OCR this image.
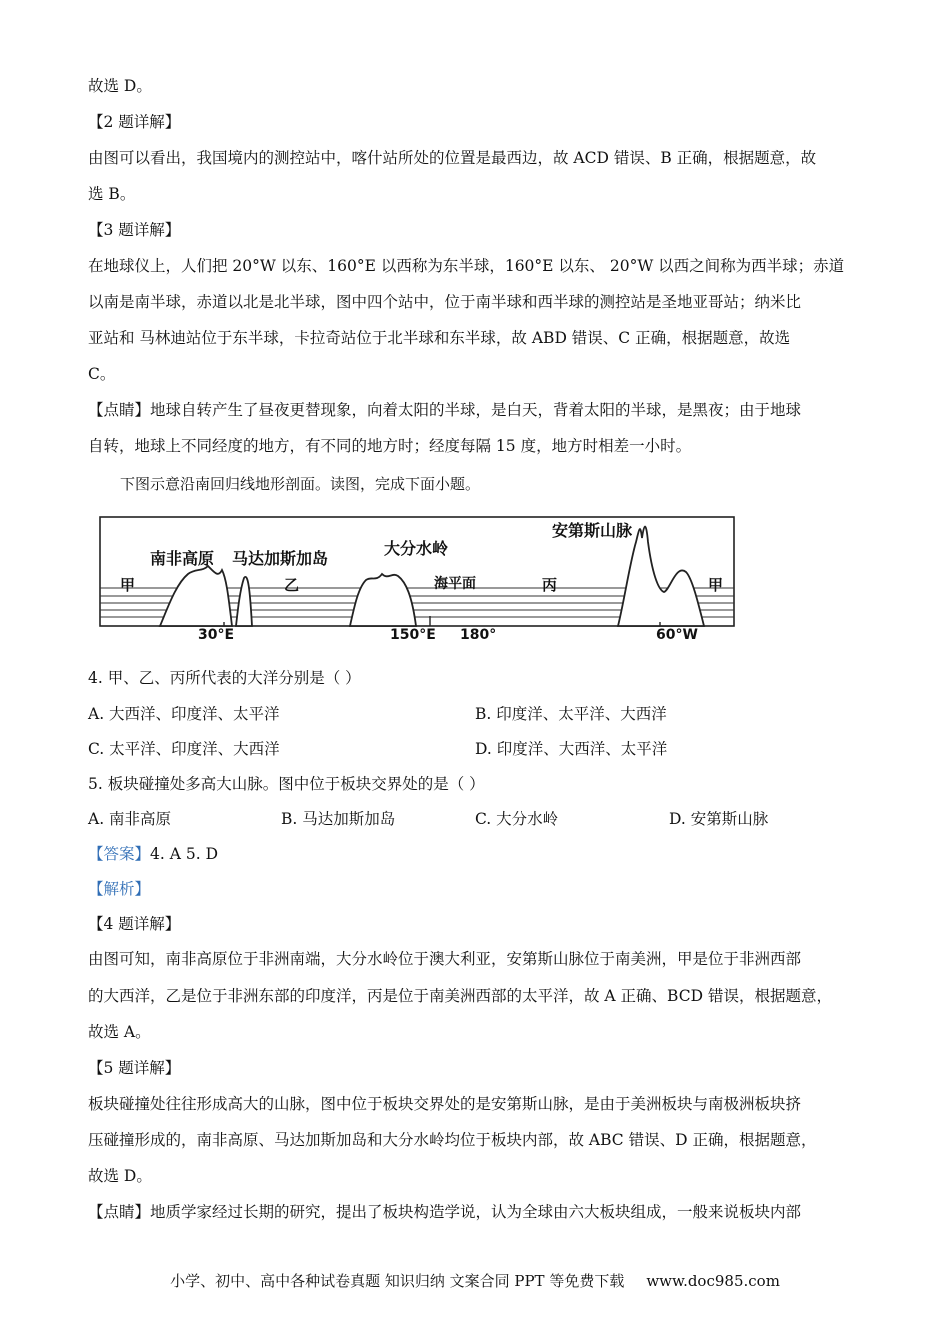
故选 D。
【2 题详解】
由图可以看出，我国境内的测控站中，喀什站所处的位置是最西边，故 ACD 错误、B 正确，根据题意，故
选 B。
【3 题详解】
在地球仪上，人们把 20°W 以东、160°E 以西称为东半球，160°E 以东、 20°W 以西之间称为西半球；赤道
以南是南半球，赤道以北是北半球，图中四个站中，位于南半球和西半球的测控站是圣地亚哥站；纳米比
亚站和 马林迪站位于东半球，卡拉奇站位于北半球和东半球，故 ABD 错误、C 正确，根据题意，故选
C。
【点睛】地球自转产生了昼夜更替现象，向着太阳的半球，是白天，背着太阳的半球，是黑夜；由于地球
自转，地球上不同经度的地方，有不同的地方时；经度每隔 15 度，地方时相差一小时。
下图示意沿南回归线地形剖面。读图，完成下面小题。
南非高原 马达加斯加岛
大分水岭
安第斯山脉
甲	乙	海平面	丙	甲
30°E	150°E 180°	60°W
4. 甲、乙、丙所代表的大洋分别是（ ）
A. 大西洋、印度洋、太平洋	B. 印度洋、太平洋、大西洋
C. 太平洋、印度洋、大西洋	D. 印度洋、大西洋、太平洋
5. 板块碰撞处多高大山脉。图中位于板块交界处的是（ ）
A. 南非高原	B. 马达加斯加岛	C. 大分水岭	D. 安第斯山脉
【答案】4. A 5. D
【解析】
【4 题详解】
由图可知，南非高原位于非洲南端，大分水岭位于澳大利亚，安第斯山脉位于南美洲，甲是位于非洲西部
的大西洋，乙是位于非洲东部的印度洋，丙是位于南美洲西部的太平洋，故 A 正确、BCD 错误，根据题意，
故选 A。
【5 题详解】
板块碰撞处往往形成高大的山脉，图中位于板块交界处的是安第斯山脉，是由于美洲板块与南极洲板块挤
压碰撞形成的，南非高原、马达加斯加岛和大分水岭均位于板块内部，故 ABC 错误、D 正确，根据题意，
故选 D。
【点睛】地质学家经过长期的研究，提出了板块构造学说，认为全球由六大板块组成，一般来说板块内部
小学、初中、高中各种试卷真题 知识归纳 文案合同 PPT 等免费下载 www.doc985.com
